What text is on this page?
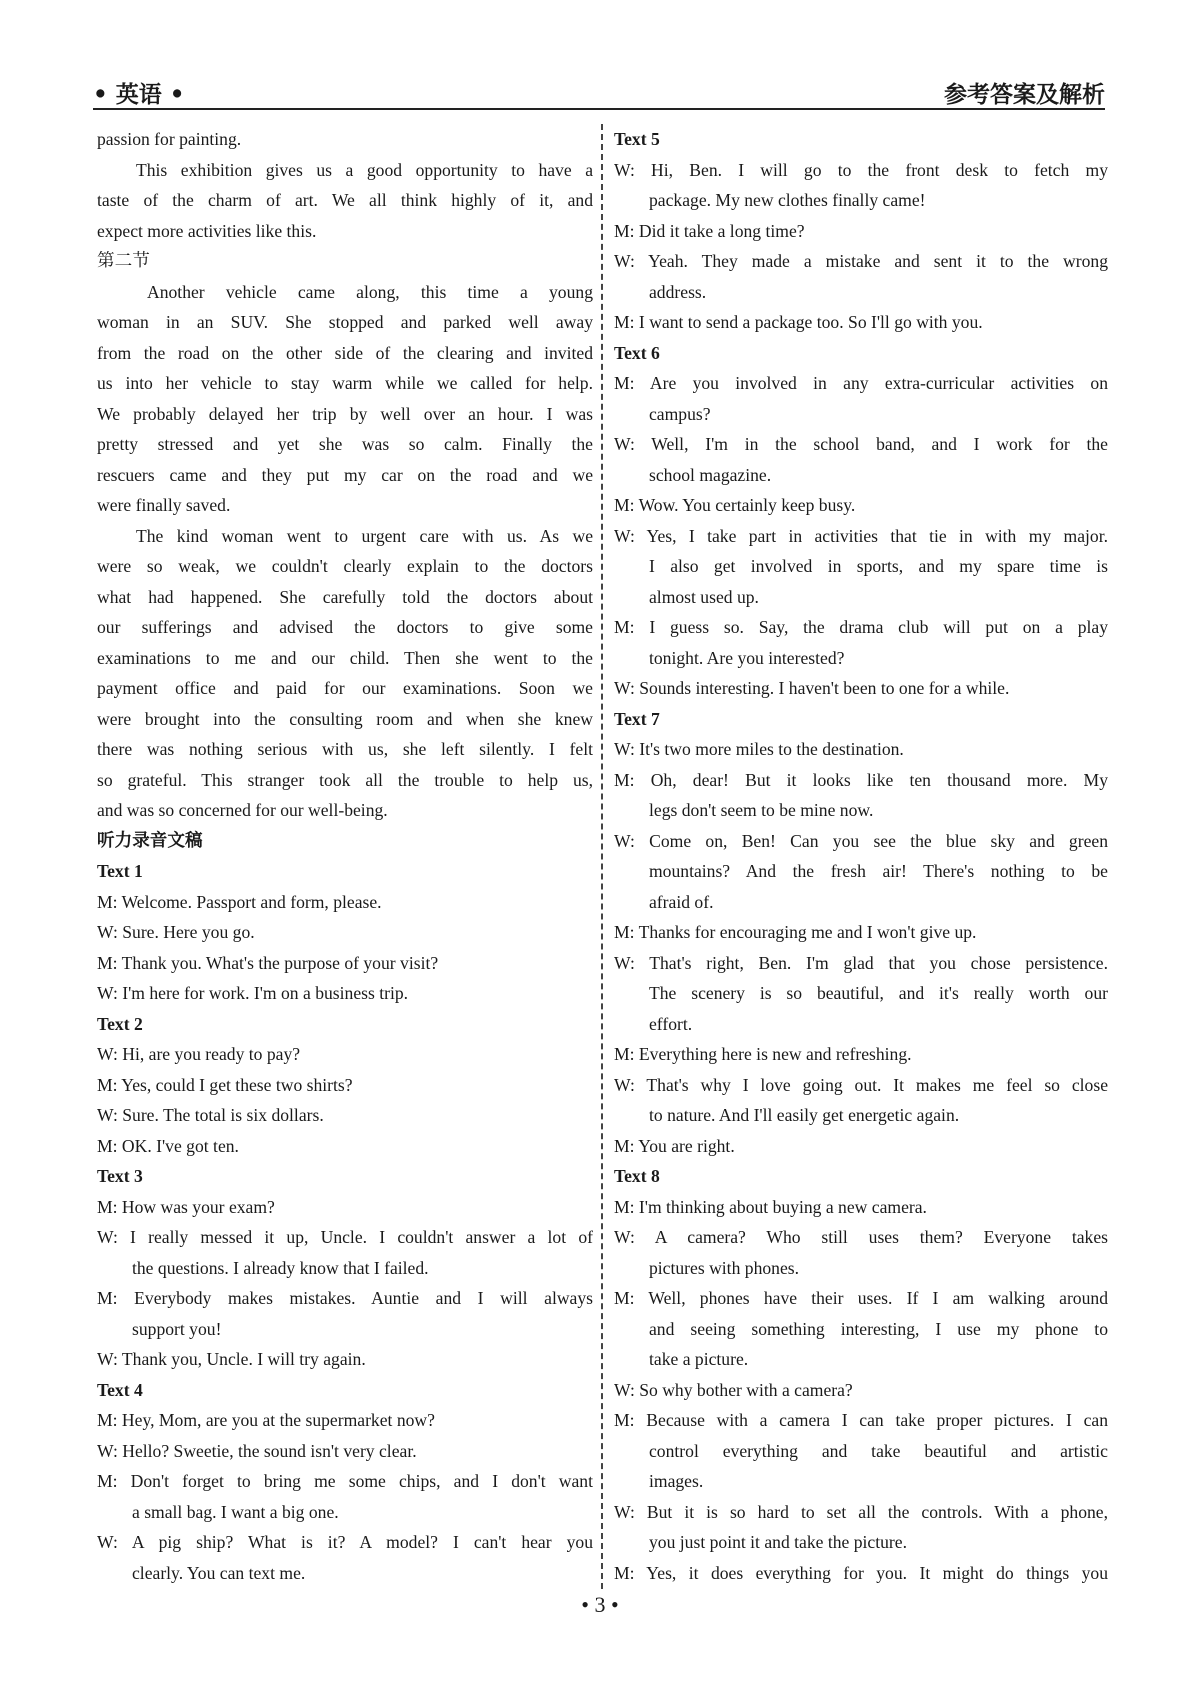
• 英语 •	参考答案及解析
passion for painting.
This exhibition gives us a good opportunity to have a
taste of the charm of art. We all think highly of it, and
expect more activities like this.
第二节
Another vehicle came along, this time a young
woman in an SUV. She stopped and parked well away
from the road on the other side of the clearing and invited
us into her vehicle to stay warm while we called for help.
We probably delayed her trip by well over an hour. I was
pretty stressed and yet she was so calm. Finally the
rescuers came and they put my car on the road and we
were finally saved.
The kind woman went to urgent care with us. As we
were so weak, we couldn't clearly explain to the doctors
what had happened. She carefully told the doctors about
our sufferings and advised the doctors to give some
examinations to me and our child. Then she went to the
payment office and paid for our examinations. Soon we
were brought into the consulting room and when she knew
there was nothing serious with us, she left silently. I felt
so grateful. This stranger took all the trouble to help us,
and was so concerned for our well-being.
听力录音文稿
Text 1
M: Welcome. Passport and form, please.
W: Sure. Here you go.
M: Thank you. What's the purpose of your visit?
W: I'm here for work. I'm on a business trip.
Text 2
W: Hi, are you ready to pay?
M: Yes, could I get these two shirts?
W: Sure. The total is six dollars.
M: OK. I've got ten.
Text 3
M: How was your exam?
W: I really messed it up, Uncle. I couldn't answer a lot of
the questions. I already know that I failed.
M: Everybody makes mistakes. Auntie and I will always
support you!
W: Thank you, Uncle. I will try again.
Text 4
M: Hey, Mom, are you at the supermarket now?
W: Hello? Sweetie, the sound isn't very clear.
M: Don't forget to bring me some chips, and I don't want
a small bag. I want a big one.
W: A pig ship? What is it? A model? I can't hear you
clearly. You can text me.
Text 5
W: Hi, Ben. I will go to the front desk to fetch my
package. My new clothes finally came!
M: Did it take a long time?
W: Yeah. They made a mistake and sent it to the wrong
address.
M: I want to send a package too. So I'll go with you.
Text 6
M: Are you involved in any extra-curricular activities on
campus?
W: Well, I'm in the school band, and I work for the
school magazine.
M: Wow. You certainly keep busy.
W: Yes, I take part in activities that tie in with my major.
I also get involved in sports, and my spare time is
almost used up.
M: I guess so. Say, the drama club will put on a play
tonight. Are you interested?
W: Sounds interesting. I haven't been to one for a while.
Text 7
W: It's two more miles to the destination.
M: Oh, dear! But it looks like ten thousand more. My
legs don't seem to be mine now.
W: Come on, Ben! Can you see the blue sky and green
mountains? And the fresh air! There's nothing to be
afraid of.
M: Thanks for encouraging me and I won't give up.
W: That's right, Ben. I'm glad that you chose persistence.
The scenery is so beautiful, and it's really worth our
effort.
M: Everything here is new and refreshing.
W: That's why I love going out. It makes me feel so close
to nature. And I'll easily get energetic again.
M: You are right.
Text 8
M: I'm thinking about buying a new camera.
W: A camera? Who still uses them? Everyone takes
pictures with phones.
M: Well, phones have their uses. If I am walking around
and seeing something interesting, I use my phone to
take a picture.
W: So why bother with a camera?
M: Because with a camera I can take proper pictures. I can
control everything and take beautiful and artistic
images.
W: But it is so hard to set all the controls. With a phone,
you just point it and take the picture.
M: Yes, it does everything for you. It might do things you
• 3 •
